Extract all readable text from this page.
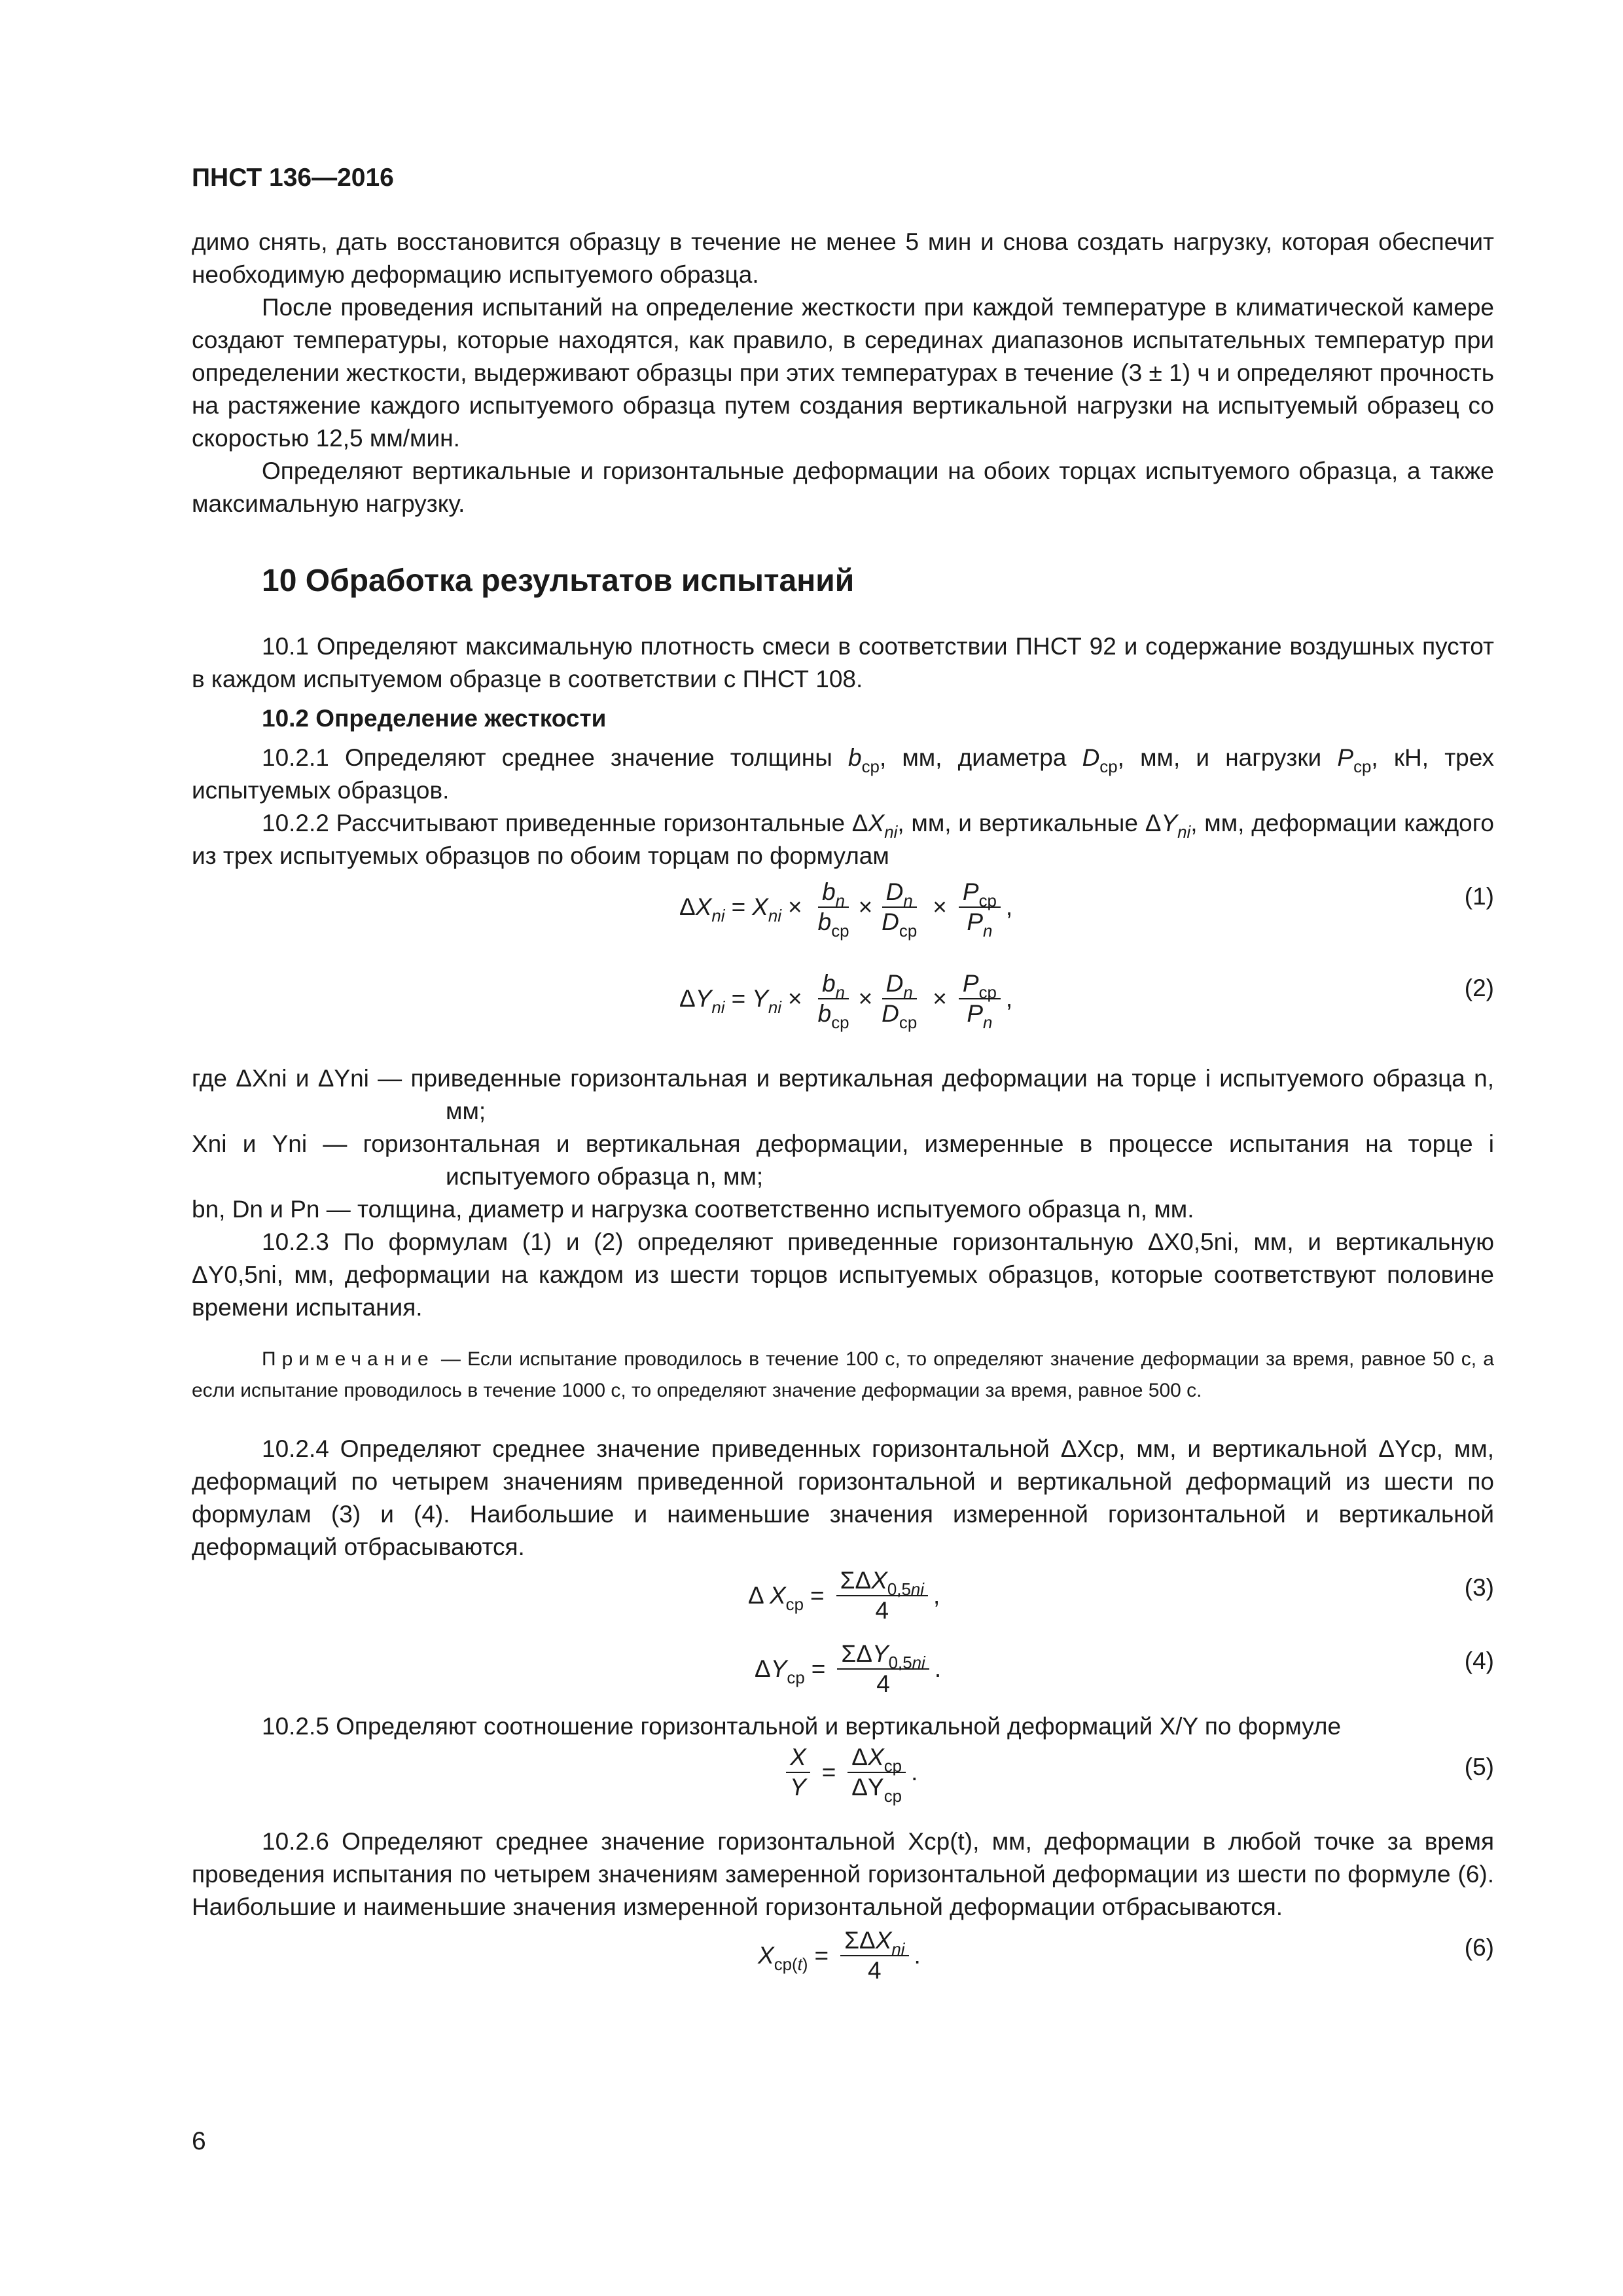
ПНСТ 136—2016

димо снять, дать восстановится образцу в течение не менее 5 мин и снова создать нагрузку, которая обеспечит необходимую деформацию испытуемого образца.

После проведения испытаний на определение жесткости при каждой температуре в климатической камере создают температуры, которые находятся, как правило, в серединах диапазонов испытательных температур при определении жесткости, выдерживают образцы при этих температурах в течение (3 ± 1) ч и определяют прочность на растяжение каждого испытуемого образца путем создания вертикальной нагрузки на испытуемый образец со скоростью 12,5 мм/мин.

Определяют вертикальные и горизонтальные деформации на обоих торцах испытуемого образца, а также максимальную нагрузку.

10 Обработка результатов испытаний

10.1 Определяют максимальную плотность смеси в соответствии ПНСТ 92 и содержание воздушных пустот в каждом испытуемом образце в соответствии с ПНСТ 108.

10.2 Определение жесткости

10.2.1 Определяют среднее значение толщины $b_{ср}$, мм, диаметра $D_{ср}$, мм, и нагрузки $P_{ср}$, кН, трех испытуемых образцов.

10.2.2 Рассчитывают приведенные горизонтальные $\Delta X_{ni}$, мм, и вертикальные $\Delta Y_{ni}$, мм, деформации каждого из трех испытуемых образцов по обоим торцам по формулам

$\Delta X_{ni} = X_{ni} \times \frac{b_n}{b_{ср}} \times \frac{D_n}{D_{ср}} \times \frac{P_{ср}}{P_n}$ ,	(1)
$\Delta Y_{ni} = Y_{ni} \times \frac{b_n}{b_{ср}} \times \frac{D_n}{D_{ср}} \times \frac{P_{ср}}{P_n}$ ,	(2)

где ΔXni и ΔYni — приведенные горизонтальная и вертикальная деформации на торце i испытуемого образца n, мм;

Xni и Yni — горизонтальная и вертикальная деформации, измеренные в процессе испытания на торце i испытуемого образца n, мм;

bn, Dn и Pn — толщина, диаметр и нагрузка соответственно испытуемого образца n, мм.

10.2.3 По формулам (1) и (2) определяют приведенные горизонтальную ΔX0,5ni, мм, и вертикальную ΔY0,5ni, мм, деформации на каждом из шести торцов испытуемых образцов, которые соответствуют половине времени испытания.

Примечание — Если испытание проводилось в течение 100 с, то определяют значение деформации за время, равное 50 с, а если испытание проводилось в течение 1000 с, то определяют значение деформации за время, равное 500 с.

10.2.4 Определяют среднее значение приведенных горизонтальной ΔXср, мм, и вертикальной ΔYср, мм, деформаций по четырем значениям приведенной горизонтальной и вертикальной деформаций из шести по формулам (3) и (4). Наибольшие и наименьшие значения измеренной горизонтальной и вертикальной деформаций отбрасываются.

Δ $X_{ср} = \frac{\Sigma\Delta X_{0,5ni}}{4}$ ,	(3)
$\Delta Y_{ср} = \frac{\Sigma\Delta Y_{0,5ni}}{4}$ .	(4)

10.2.5 Определяют соотношение горизонтальной и вертикальной деформаций X/Y по формуле

$\frac{X}{Y} = \frac{\Delta X_{ср}}{\Delta Y_{ср}}$ .	(5)

10.2.6 Определяют среднее значение горизонтальной Xср(t), мм, деформации в любой точке за время проведения испытания по четырем значениям замеренной горизонтальной деформации из шести по формуле (6). Наибольшие и наименьшие значения измеренной горизонтальной деформации отбрасываются.

$X_{ср(t)} = \frac{\Sigma\Delta X_{ni}}{4}$ .	(6)
6
